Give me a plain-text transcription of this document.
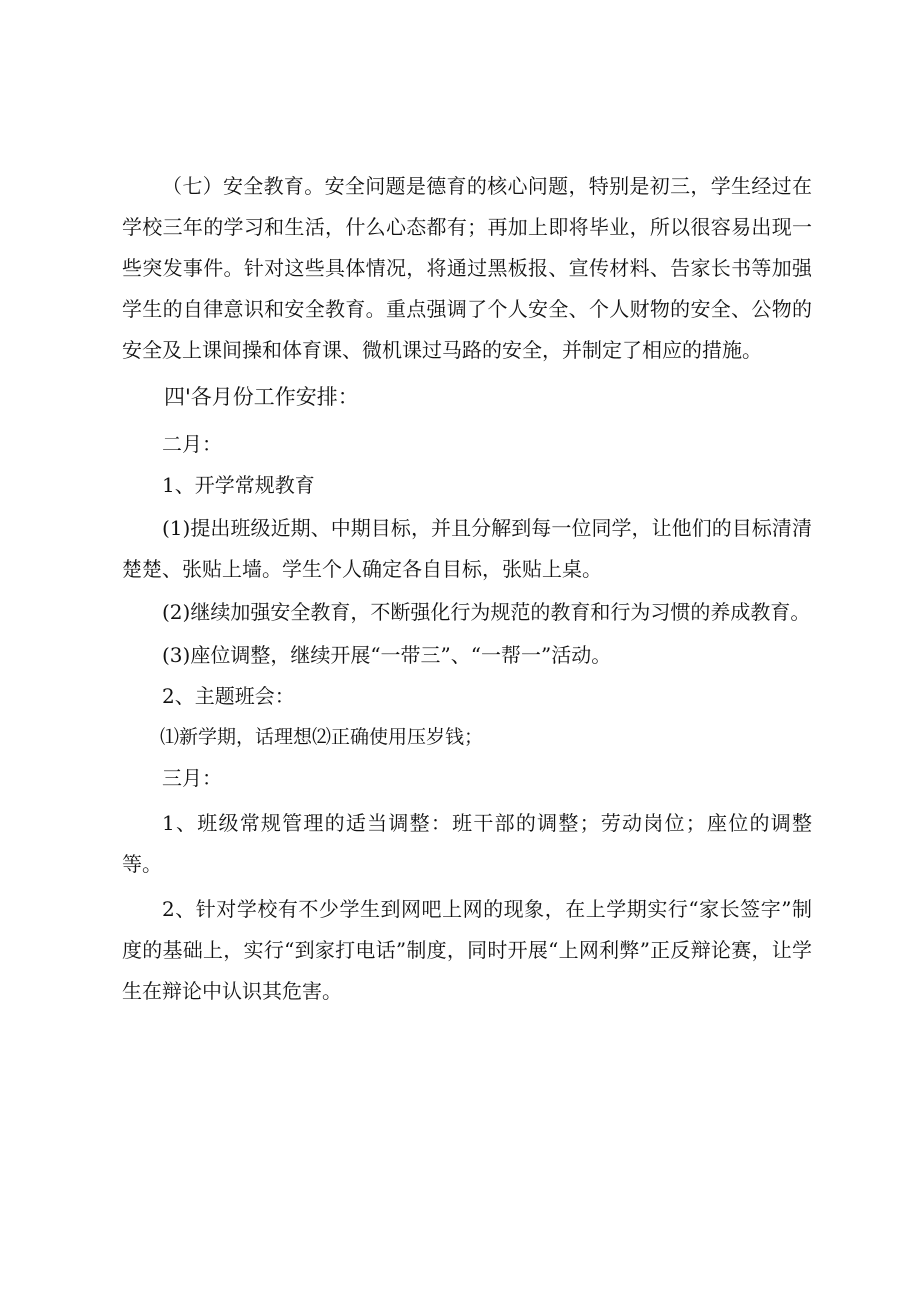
（七）安全教育。安全问题是德育的核心问题，特别是初三，学生经过在学校三年的学习和生活，什么心态都有；再加上即将毕业，所以很容易出现一些突发事件。针对这些具体情况，将通过黑板报、宣传材料、告家长书等加强学生的自律意识和安全教育。重点强调了个人安全、个人财物的安全、公物的安全及上课间操和体育课、微机课过马路的安全，并制定了相应的措施。

四'各月份工作安排：

二月：

1、开学常规教育

(1)提出班级近期、中期目标，并且分解到每一位同学，让他们的目标清清楚楚、张贴上墙。学生个人确定各自目标，张贴上桌。

(2)继续加强安全教育，不断强化行为规范的教育和行为习惯的养成教育。

(3)座位调整，继续开展“一带三”、“一帮一”活动。

2、主题班会：

⑴新学期，话理想⑵正确使用压岁钱；

三月：

1、班级常规管理的适当调整：班干部的调整；劳动岗位；座位的调整等。

2、针对学校有不少学生到网吧上网的现象，在上学期实行“家长签字”制度的基础上，实行“到家打电话”制度，同时开展“上网利弊”正反辩论赛，让学生在辩论中认识其危害。
